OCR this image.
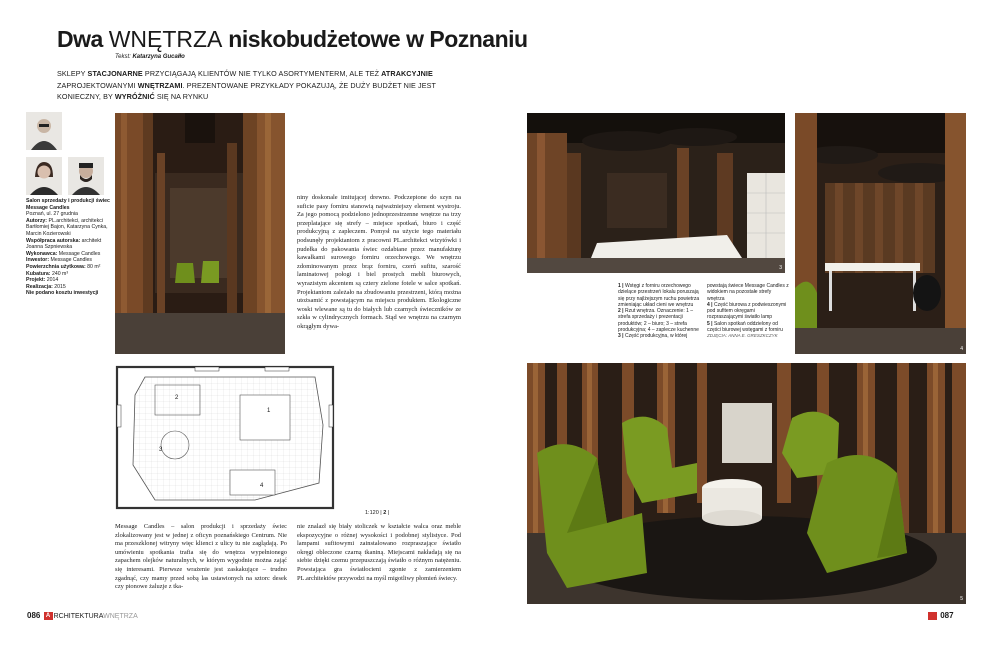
Dwa WNĘTRZA niskobudżetowe w Poznaniu
Tekst: Katarzyna Gucałło
SKLEPY STACJONARNE PRZYCIĄGAJĄ KLIENTÓW NIE TYLKO ASORTYMENTERM, ALE TEŻ ATRAKCYJNIE ZAPROJEKTOWANYMI WNĘTRZAMI. PREZENTOWANE PRZYKŁADY POKAZUJĄ, ŻE DUŻY BUDŻET NIE JEST KONIECZNY, BY WYRÓŻNIĆ SIĘ NA RYNKU
Salon sprzedaży i produkcji świec Message Candles
Poznań, ul. 27 grudnia
Autorzy: PL.architekci, architekci Bartłomiej Bajon, Katarzyna Cynka, Marcin Kozierowski
Współpraca autorska: architekt Joanna Szpniewska
Wykonawca: Message Candles
Inwestor: Message Candles
Powierzchnia użytkowa: 80 m²
Kubatura: 240 m³
Projekt: 2014
Realizacja: 2015
Nie podano kosztu inwestycji
niny doskonale imitującej drewno. Podczepione do szyn na suficie pasy forniru stanowią najważniejszy element wystroju. Za jego pomocą podzielono jednoprzestrzenne wnętrze na trzy przeplatające się strefy – miejsce spotkań, biuro i część produkcyjną z zapleczem. Pomysł na użycie tego materiału podsunęły projektantom z pracowni PL.architekci wizytówki i pudełka do pakowania świec ozdabiane przez manufakturę kawałkami surowego forniru orzechowego. We wnętrzu zdominowanym przez brąz forniru, czerń sufitu, szarość laminatowej połogi i biel prostych mebli biurowych, wyrazistym akcentem są cztery zielone fotele w salce spotkań. Projektantom zależało na zbudowaniu przestrzeni, którą można utożsamić z powstającym na miejscu produktem. Ekologiczne woski wlewane są tu do białych lub czarnych świeczników ze szkła w cylindrycznych formach. Stąd we wnętrzu na czarnym okrągłym dywa-
1
2
3
4
1:120 | 2 |
Message Candles – salon produkcji i sprzedaży świec zlokalizowany jest w jednej z oficyn poznańskiego Centrum. Nie ma przeszklonej witryny więc klienci z ulicy tu nie zaglądają. Po umówieniu spotkania trafia się do wnętrza wypełnionego zapachem olejków naturalnych, w którym wygodnie można zająć się interesami. Pierwsze wrażenie jest zaskakujące – trudno zgadnąć, czy mamy przed sobą las ustawionych na sztorc desek czy pionowe żaluzje z tka-
nie znalazł się biały stoliczek w kształcie walca oraz meble ekspozycyjne o różnej wysokości i podobnej stylistyce. Pod lampami sufitowymi zainstalowano rozpraszające światło okręgi obleczone czarną tkaniną. Miejscami nakładają się na siebie dzięki czemu przepuszczają światło o różnym natężeniu. Powstająca gra światłocieni zgonie z zamierzeniem PL.architektów przywodzi na myśl migotliwy płomień świecy.
3
4
1 | Wstęgi z forniru orzechowego dzielące przestrzeń lokalu poruszają się przy najlżejszym ruchu powietrza zmieniając układ cieni we wnętrzu
2 | Rzut wnętrza. Oznaczenie: 1 – strefa sprzedaży i prezentacji produktów; 2 – biuro; 3 – strefa produkcyjna; 4 – zaplecze kuchenne
3 | Część produkcyjna, w której
powstają świece Message Candles z widokiem na pozostałe strefy wnętrza
4 | Część biurowa z podwieszonymi pod sufitem okręgami rozpraszającymi światło lamp
5 | Salon spotkań oddzielony od części biurowej wstęgami z forniru
ZDJĘCIA: ANNA E. GRESZKCZYK
5
086 A RCHITEKTURAWNĘTRZA	087
